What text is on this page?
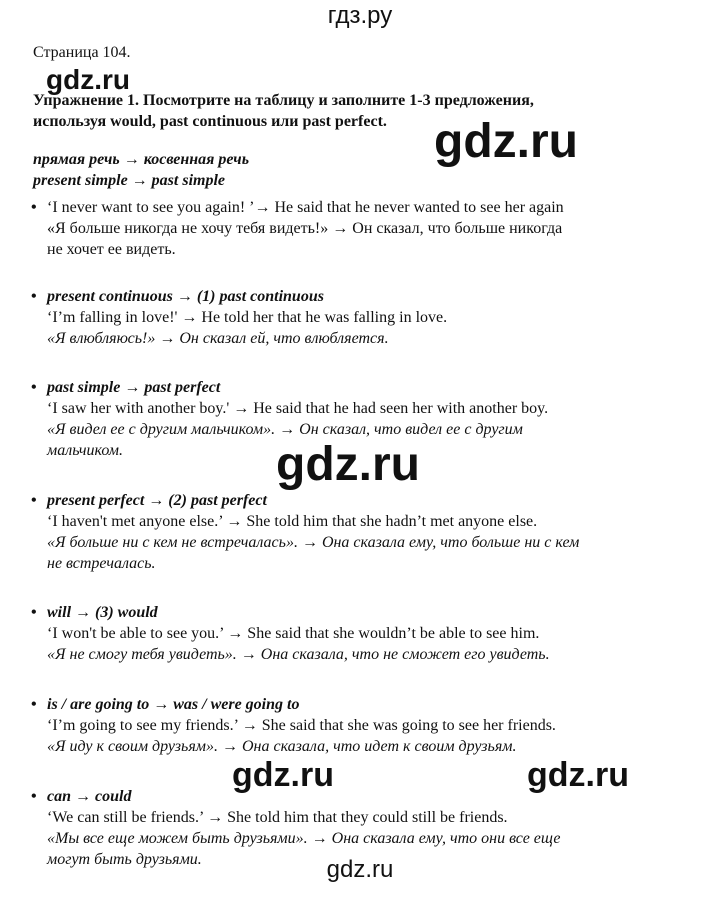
гдз.ру
gdz.ru
gdz.ru
gdz.ru
gdz.ru	gdz.ru
Страница 104.
Упражнение 1. Посмотрите на таблицу и заполните 1-3 предложения,
используя would, past continuous или past perfect.
прямая речь → косвенная речь
present simple → past simple
• ‘I never want to see you again! ’→ He said that he never wanted to see her again
«Я больше никогда не хочу тебя видеть!» → Он сказал, что больше никогда
не хочет ее видеть.
• present continuous → (1) past continuous
‘I’m falling in love!' → He told her that he was falling in love.
«Я влюбляюсь!» → Он сказал ей, что влюбляется.
• past simple → past perfect
‘I saw her with another boy.' → He said that he had seen her with another boy.
«Я видел ее с другим мальчиком». → Он сказал, что видел ее с другим
мальчиком.
• present perfect → (2) past perfect
‘I haven't met anyone else.’ → She told him that she hadn’t met anyone else.
«Я больше ни с кем не встречалась». → Она сказала ему, что больше ни с кем
не встречалась.
• will → (3) would
‘I won't be able to see you.’ → She said that she wouldn’t be able to see him.
«Я не смогу тебя увидеть». → Она сказала, что не сможет его увидеть.
• is / are going to → was / were going to
‘I’m going to see my friends.’ → She said that she was going to see her friends.
«Я иду к своим друзьям». → Она сказала, что идет к своим друзьям.
• can → could
‘We can still be friends.’ → She told him that they could still be friends.
«Мы все еще можем быть друзьями». → Она сказала ему, что они все еще
могут быть друзьями.	gdz.ru
